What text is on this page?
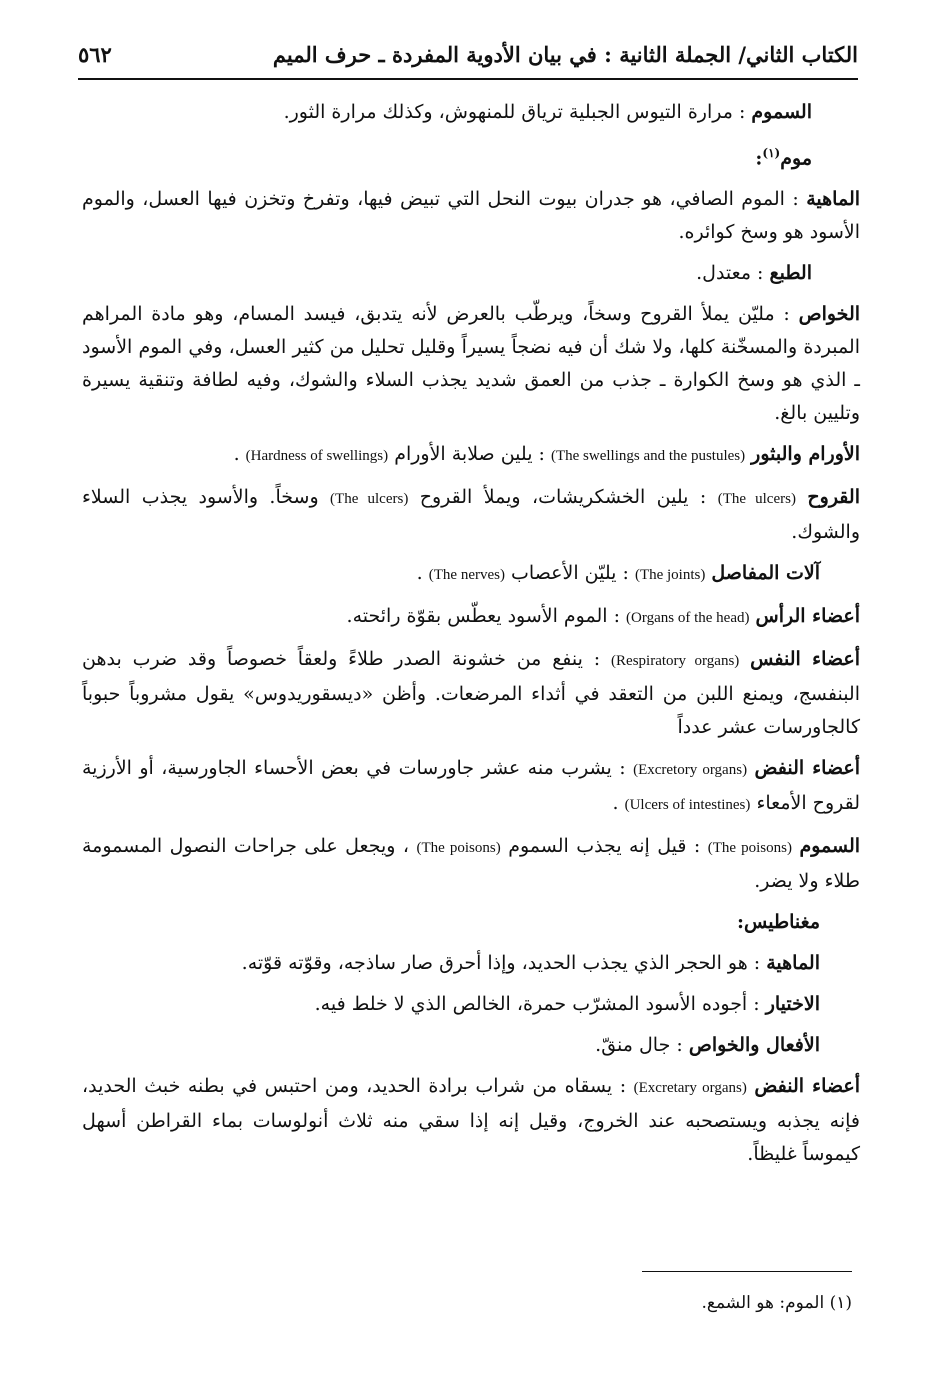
الكتاب الثاني/ الجملة الثانية : في بيان الأدوية المفردة ـ حرف الميم
٥٦٢

السموم : مرارة التيوس الجبلية ترياق للمنهوش، وكذلك مرارة الثور.

موم$^{(١)}$:

الماهية : الموم الصافي، هو جدران بيوت النحل التي تبيض فيها، وتفرخ وتخزن فيها العسل، والموم الأسود هو وسخ كوائره.

الطبع : معتدل.

الخواص : مليّن يملأ القروح وسخاً، ويرطّب بالعرض لأنه يتدبق، فيسد المسام، وهو مادة المراهم المبردة والمسخّنة كلها، ولا شك أن فيه نضجاً يسيراً وقليل تحليل من كثير العسل، وفي الموم الأسود ـ الذي هو وسخ الكوارة ـ جذب من العمق شديد يجذب السلاء والشوك، وفيه لطافة وتنقية يسيرة وتليين بالغ.

الأورام والبثور (The swellings and the pustules) : يلين صلابة الأورام (Hardness of swellings) .

القروح (The ulcers) : يلين الخشكريشات، ويملأ القروح (The ulcers) وسخاً. والأسود يجذب السلاء والشوك.

آلات المفاصل (The joints) : يليّن الأعصاب (The nerves) .

أعضاء الرأس (Organs of the head) : الموم الأسود يعطّس بقوّة رائحته.

أعضاء النفس (Respiratory organs) : ينفع من خشونة الصدر طلاءً ولعقاً خصوصاً وقد ضرب بدهن البنفسج، ويمنع اللبن من التعقد في أثداء المرضعات. وأظن «ديسقوريدوس» يقول مشروباً حبوباً كالجاورسات عشر عدداً

أعضاء النفض (Excretory organs) : يشرب منه عشر جاورسات في بعض الأحساء الجاورسية، أو الأرزية لقروح الأمعاء (Ulcers of intestines) .

السموم (The poisons) : قيل إنه يجذب السموم (The poisons) ، ويجعل على جراحات النصول المسمومة طلاء ولا يضر.

مغناطيس:

الماهية : هو الحجر الذي يجذب الحديد، وإذا أحرق صار ساذجه، وقوّته قوّته.

الاختيار : أجوده الأسود المشرّب حمرة، الخالص الذي لا خلط فيه.

الأفعال والخواص : جال منقّ.

أعضاء النفض (Excretary organs) : يسقاه من شراب برادة الحديد، ومن احتبس في بطنه خبث الحديد، فإنه يجذبه ويستصحبه عند الخروج، وقيل إنه إذا سقي منه ثلاث أنولوسات بماء القراطن أسهل كيموساً غليظاً.

(١) الموم: هو الشمع.
